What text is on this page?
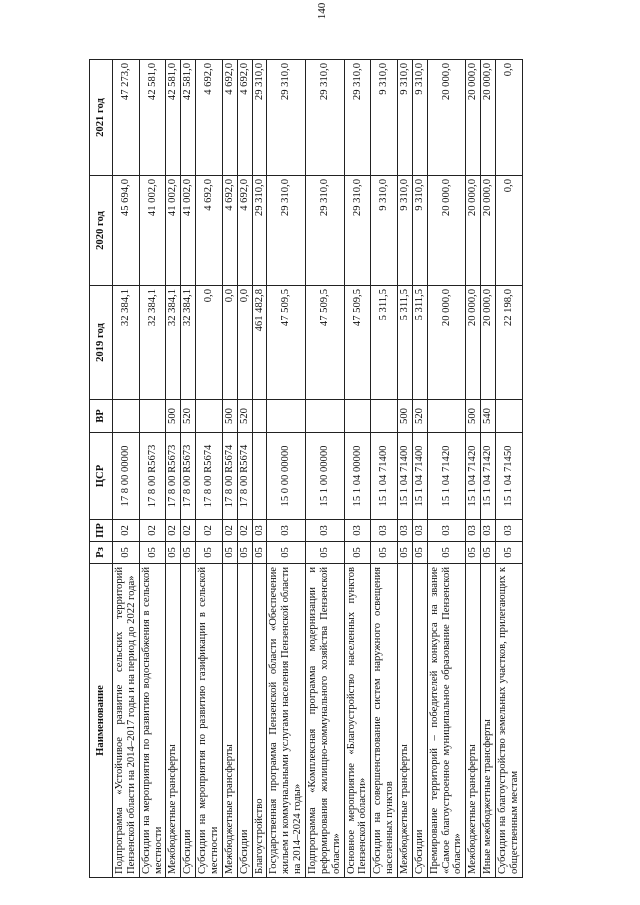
140
Наименование	Рз	ПР	ЦСР	ВР	2019 год	2020 год	2021 год
Подпрограмма «Устойчивое развитие сельских территорий Пензенской области на 2014–2017 годы и на период до 2022 года»	05	02	17 8 00 00000		32 384,1	45 694,0	47 273,0
Субсидии на мероприятия по развитию водоснабжения в сельской местности	05	02	17 8 00 R5673		32 384,1	41 002,0	42 581,0
Межбюджетные трансферты	05	02	17 8 00 R5673	500	32 384,1	41 002,0	42 581,0
Субсидии	05	02	17 8 00 R5673	520	32 384,1	41 002,0	42 581,0
Субсидии на мероприятия по развитию газификации в сельской местности	05	02	17 8 00 R5674		0,0	4 692,0	4 692,0
Межбюджетные трансферты	05	02	17 8 00 R5674	500	0,0	4 692,0	4 692,0
Субсидии	05	02	17 8 00 R5674	520	0,0	4 692,0	4 692,0
Благоустройство	05	03			461 482,8	29 310,0	29 310,0
Государственная программа Пензенской области «Обеспечение жильем и коммунальными услугами населения Пензенской области на 2014–2024 годы»	05	03	15 0 00 00000		47 509,5	29 310,0	29 310,0
Подпрограмма «Комплексная программа модернизации и реформирования жилищно-коммунального хозяйства Пензенской области»	05	03	15 1 00 00000		47 509,5	29 310,0	29 310,0
Основное мероприятие «Благоустройство населенных пунктов Пензенской области»	05	03	15 1 04 00000		47 509,5	29 310,0	29 310,0
Субсидии на совершенствование систем наружного освещения населенных пунктов	05	03	15 1 04 71400		5 311,5	9 310,0	9 310,0
Межбюджетные трансферты	05	03	15 1 04 71400	500	5 311,5	9 310,0	9 310,0
Субсидии	05	03	15 1 04 71400	520	5 311,5	9 310,0	9 310,0
Премирование территорий – победителей конкурса на звание «Самое благоустроенное муниципальное образование Пензенской области»	05	03	15 1 04 71420		20 000,0	20 000,0	20 000,0
Межбюджетные трансферты	05	03	15 1 04 71420	500	20 000,0	20 000,0	20 000,0
Иные межбюджетные трансферты	05	03	15 1 04 71420	540	20 000,0	20 000,0	20 000,0
Субсидии на благоустройство земельных участков, прилегающих к общественным местам	05	03	15 1 04 71450		22 198,0	0,0	0,0
